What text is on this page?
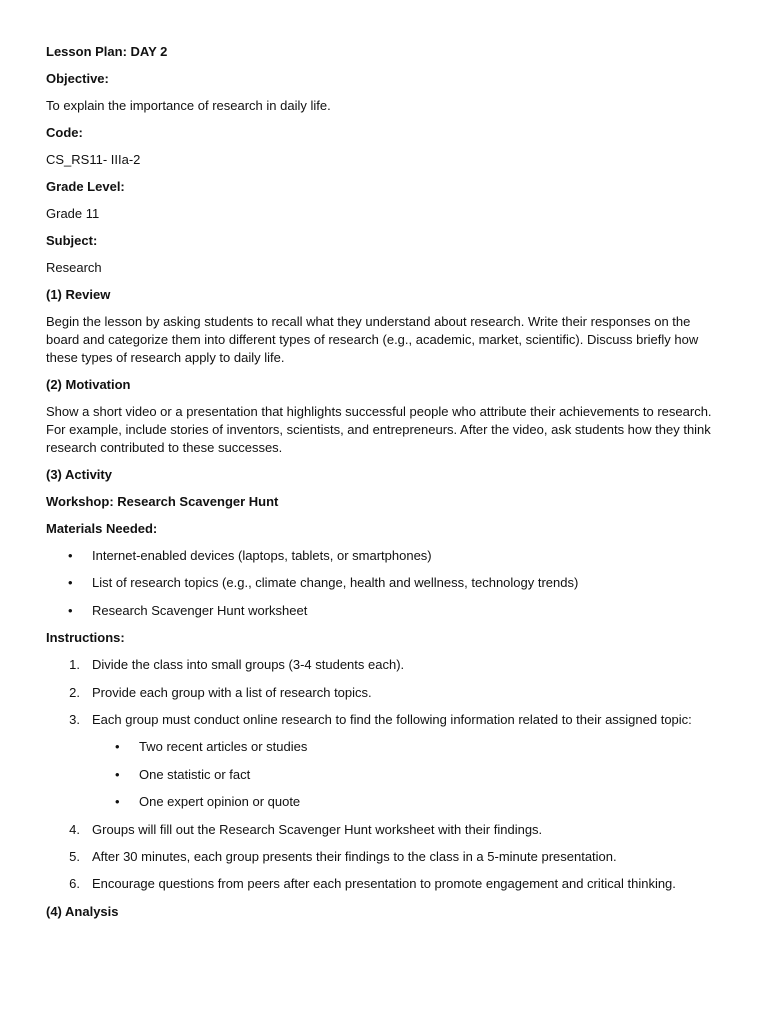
Lesson Plan: DAY 2

Objective:

To explain the importance of research in daily life.

Code:

CS_RS11- IIIa-2

Grade Level:

Grade 11

Subject:

Research

(1) Review

Begin the lesson by asking students to recall what they understand about research. Write their responses on the
board and categorize them into different types of research (e.g., academic, market, scientific). Discuss briefly how
these types of research apply to daily life.

(2) Motivation

Show a short video or a presentation that highlights successful people who attribute their achievements to research.
For example, include stories of inventors, scientists, and entrepreneurs. After the video, ask students how they think
research contributed to these successes.

(3) Activity

Workshop: Research Scavenger Hunt

Materials Needed:

• Internet-enabled devices (laptops, tablets, or smartphones)
• List of research topics (e.g., climate change, health and wellness, technology trends)
• Research Scavenger Hunt worksheet

Instructions:

1. Divide the class into small groups (3-4 students each).
2. Provide each group with a list of research topics.
3. Each group must conduct online research to find the following information related to their assigned topic:
• Two recent articles or studies
• One statistic or fact
• One expert opinion or quote
4. Groups will fill out the Research Scavenger Hunt worksheet with their findings.
5. After 30 minutes, each group presents their findings to the class in a 5-minute presentation.
6. Encourage questions from peers after each presentation to promote engagement and critical thinking.

(4) Analysis
